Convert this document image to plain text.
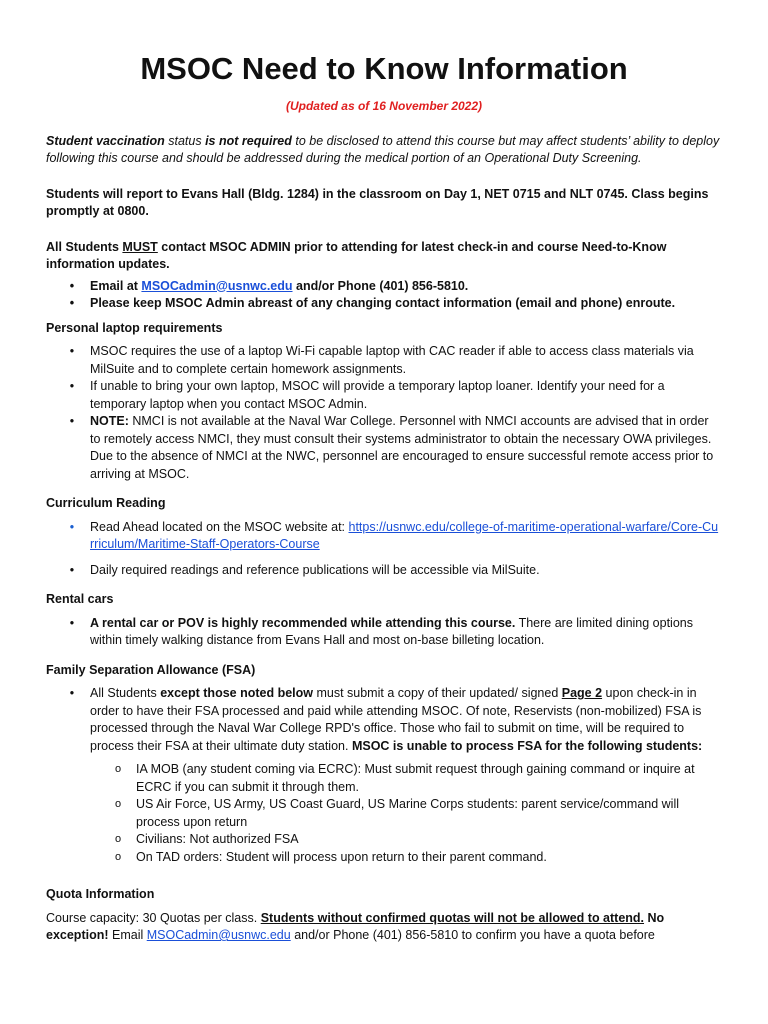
MSOC Need to Know Information
(Updated as of 16 November 2022)

Student vaccination status is not required to be disclosed to attend this course but may affect students’ ability to deploy following this course and should be addressed during the medical portion of an Operational Duty Screening.

Students will report to Evans Hall (Bldg. 1284) in the classroom on Day 1, NET 0715 and NLT 0745. Class begins promptly at 0800.

All Students MUST contact MSOC ADMIN prior to attending for latest check-in and course Need-to-Know information updates.

•	Email at MSOCadmin@usnwc.edu and/or Phone (401) 856-5810.
•	Please keep MSOC Admin abreast of any changing contact information (email and phone) enroute.

Personal laptop requirements

•	MSOC requires the use of a laptop Wi-Fi capable laptop with CAC reader if able to access class materials via MilSuite and to complete certain homework assignments.
•	If unable to bring your own laptop, MSOC will provide a temporary laptop loaner. Identify your need for a temporary laptop when you contact MSOC Admin.
•	NOTE: NMCI is not available at the Naval War College. Personnel with NMCI accounts are advised that in order to remotely access NMCI, they must consult their systems administrator to obtain the necessary OWA privileges. Due to the absence of NMCI at the NWC, personnel are encouraged to ensure successful remote access prior to arriving at MSOC.

Curriculum Reading

•	Read Ahead located on the MSOC website at: https://usnwc.edu/college-of-maritime-operational-warfare/Core-Curriculum/Maritime-Staff-Operators-Course
•	Daily required readings and reference publications will be accessible via MilSuite.

Rental cars

•	A rental car or POV is highly recommended while attending this course. There are limited dining options within timely walking distance from Evans Hall and most on-base billeting location.

Family Separation Allowance (FSA)

•	All Students except those noted below must submit a copy of their updated/ signed Page 2 upon check-in in order to have their FSA processed and paid while attending MSOC. Of note, Reservists (non-mobilized) FSA is processed through the Naval War College RPD's office. Those who fail to submit on time, will be required to process their FSA at their ultimate duty station. MSOC is unable to process FSA for the following students:
o	IA MOB (any student coming via ECRC): Must submit request through gaining command or inquire at ECRC if you can submit it through them.
o	US Air Force, US Army, US Coast Guard, US Marine Corps students: parent service/command will process upon return
o	Civilians: Not authorized FSA
o	On TAD orders: Student will process upon return to their parent command.

Quota Information

Course capacity: 30 Quotas per class. Students without confirmed quotas will not be allowed to attend. No exception! Email MSOCadmin@usnwc.edu and/or Phone (401) 856-5810 to confirm you have a quota before
